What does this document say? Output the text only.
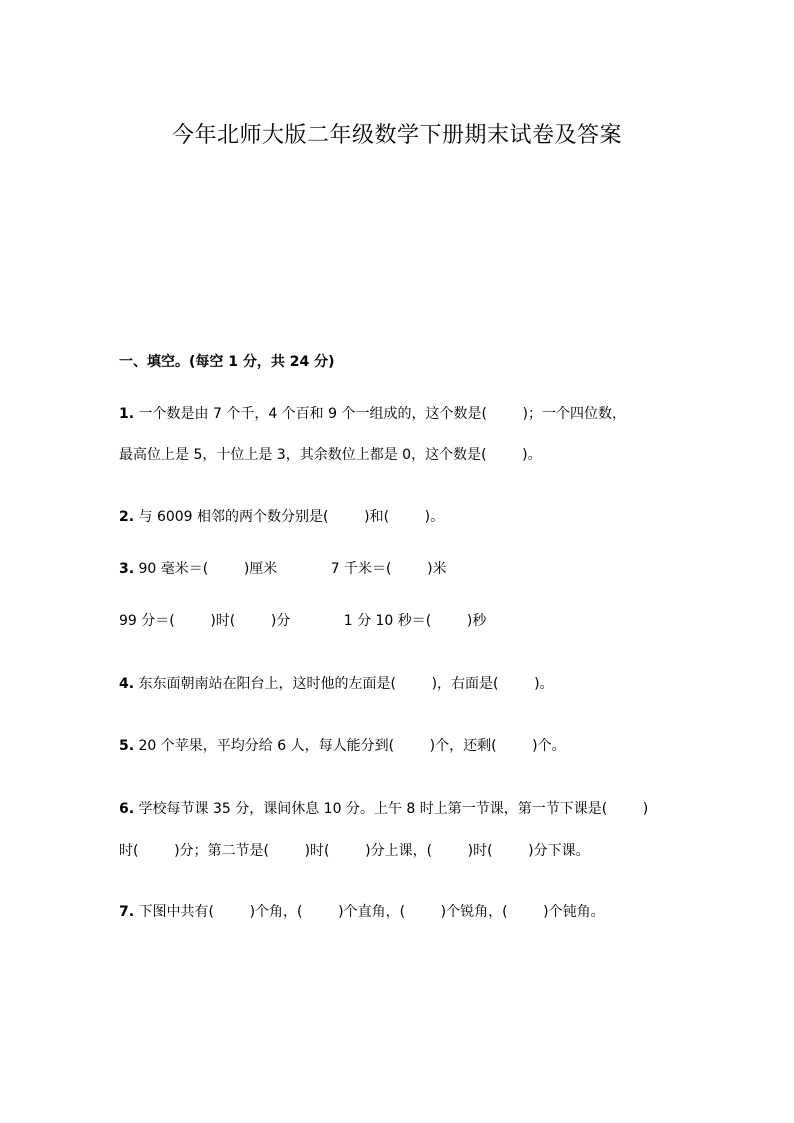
今年北师大版二年级数学下册期末试卷及答案
一、填空。(每空 1 分，共 24 分)
1. 一个数是由 7 个千，4 个百和 9 个一组成的，这个数是(        )；一个四位数，
最高位上是 5，十位上是 3，其余数位上都是 0，这个数是(        )。
2. 与 6009 相邻的两个数分别是(        )和(        )。
3. 90 毫米＝(        )厘米            7 千米＝(        )米
99 分＝(        )时(        )分            1 分 10 秒＝(        )秒
4. 东东面朝南站在阳台上，这时他的左面是(        )，右面是(        )。
5. 20 个苹果，平均分给 6 人，每人能分到(        )个，还剩(        )个。
6. 学校每节课 35 分，课间休息 10 分。上午 8 时上第一节课，第一节下课是(        )
时(        )分；第二节是(        )时(        )分上课，(        )时(        )分下课。
7. 下图中共有(        )个角，(        )个直角，(        )个锐角，(        )个钝角。
